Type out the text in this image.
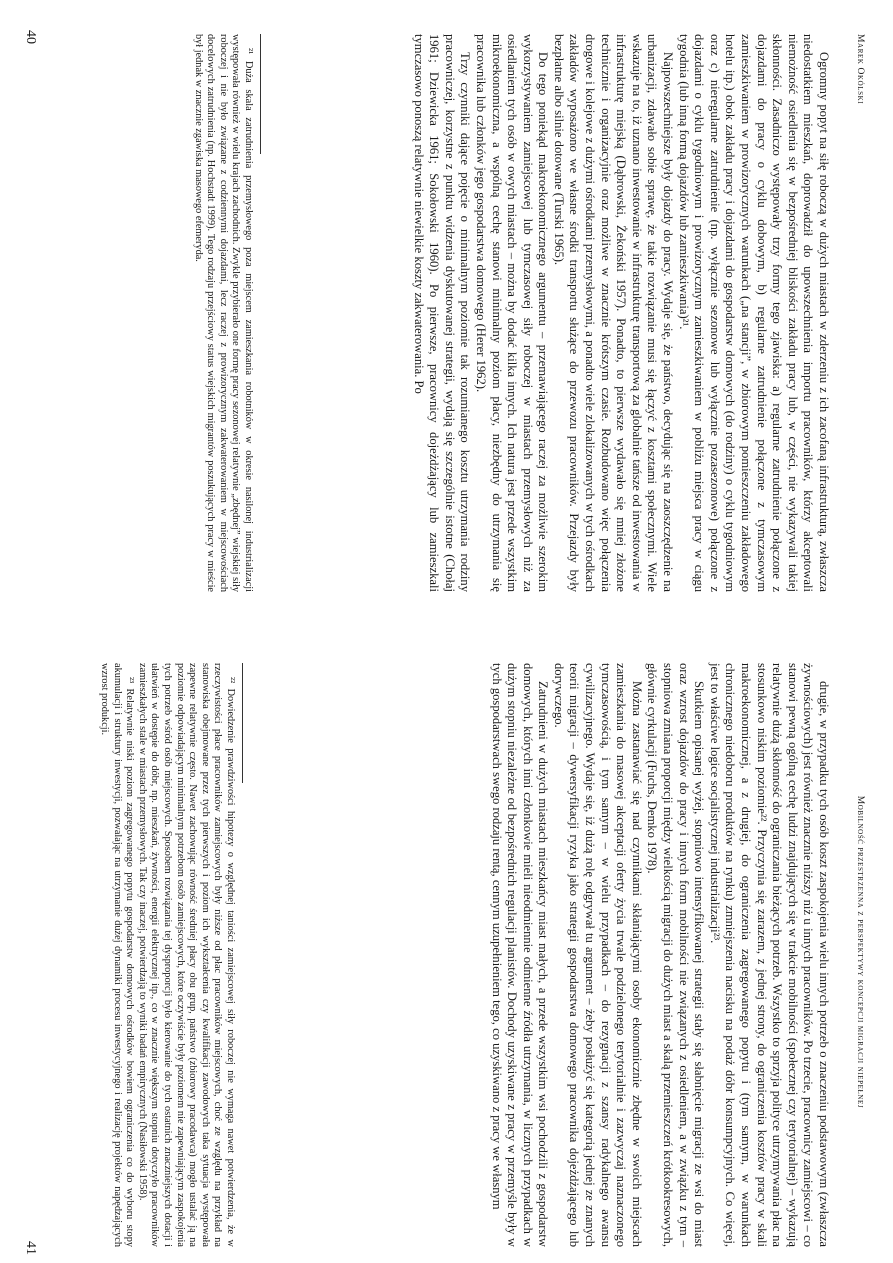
Marek Okólski

Ogromny popyt na siłę roboczą w dużych miastach w zderzeniu z ich zacofaną infrastrukturą, zwłaszcza niedostatkiem mieszkań, doprowadził do upowszechnienia importu pracowników, którzy akceptowali niemożność osiedlenia się w bezpośredniej bliskości zakładu pracy lub, w części, nie wykazywali takiej skłonności. Zasadniczo występowały trzy formy tego zjawiska: a) regularne zatrudnienie połączone z dojazdami do pracy o cyklu dobowym, b) regularne zatrudnienie połączone z tymczasowym zamieszkiwaniem w prowizorycznych warunkach („na stancji”, w zbiorowym pomieszczeniu zakładowego hotelu itp.) obok zakładu pracy i dojazdami do gospodarstw domowych (do rodziny) o cyklu tygodniowym oraz c) nieregularne zatrudnienie (np. wyłącznie sezonowe lub wyłącznie pozasezonowe) połączone z dojazdami o cyklu tygodniowym i prowizorycznym zamieszkiwaniem w pobliżu miejsca pracy w ciągu tygodnia (lub inną formą dojazdów lub zamieszkiwania)²¹.

Najpowszechniejsze były dojazdy do pracy. Wydaje się, że państwo, decydując się na zaoszczędzenie na urbanizacji, zdawało sobie sprawę, że takie rozwiązanie musi się łączyć z kosztami społecznymi. Wiele wskazuje na to, iż uznano inwestowanie w infrastrukturę transportową za globalnie tańsze od inwestowania w infrastrukturę miejską (Dąbrowski, Żekoński 1957). Ponadto, to pierwsze wydawało się mniej złożone technicznie i organizacyjnie oraz możliwe w znacznie krótszym czasie. Rozbudowano więc połączenia drogowe i kolejowe z dużymi ośrodkami przemysłowymi, a ponadto wiele zlokalizowanych w tych ośrodkach zakładów wyposażono we własne środki transportu służące do przewozu pracowników. Przejazdy były bezpłatne albo silnie dotowane (Turski 1965).

Do tego poniekąd makroekonomicznego argumentu – przemawiającego raczej za możliwie szerokim wykorzystywaniem zamiejscowej lub tymczasowej siły roboczej w miastach przemysłowych niż za osiedlaniem tych osób w owych miastach – można by dodać kilka innych. Ich natura jest przede wszystkim mikroekonomiczna, a wspólną cechę stanowi minimalny poziom płacy, niezbędny do utrzymania się pracownika lub członków jego gospodarstwa domowego (Herer 1962).

Trzy czynniki dające pojęcie o minimalnym poziomie tak rozumianego kosztu utrzymania rodziny pracowniczej, korzystne z punktu widzenia dyskutowanej strategii, wydają się szczególnie istotne (Chołaj 1961; Dziewicka 1961; Sokołowski 1960). Po pierwsze, pracownicy dojeżdżający lub zamieszkali tymczasowo ponoszą relatywnie niewielkie koszty zakwaterowania. Po

²¹ Duża skala zatrudnienia przemysłowego poza miejscem zamieszkania robotników w okresie nasilonej industrializacji występowała również w wielu krajach zachodnich. Zwykle przybierało one formę pracy sezonowej relatywnie „zbędnej” wiejskiej siły roboczej i nie było związane z codziennymi dojazdami, lecz raczej z prowizorycznym zakwaterowaniem w miejscowościach docelowych zatrudnienia (np. Hochstadt 1999). Tego rodzaju przejściowy status wiejskich migrantów poszukujących pracy w mieście był jednak w znacznie zgawiska masowego efemeryda.

40
Mobilność przestrzenna z perspektywy koncepcji migracji niepełnej

drugie, w przypadku tych osób koszt zaspokojenia wielu innych potrzeb o znaczeniu podstawowym (zwłaszcza żywnościowych) jest również znacznie niższy niż u innych pracowników. Po trzecie, pracownicy zamiejscowi – co stanowi pewną ogólną cechę ludzi znajdujących się w trakcie mobilności (społecznej czy terytorialnej) – wykazują relatywnie dużą skłonność do ograniczania bieżących potrzeb. Wszystko to sprzyja polityce utrzymywania płac na stosunkowo niskim poziomie²². Przyczynia się zarazem, z jednej strony, do ograniczenia kosztów pracy w skali makroekonomicznej, a z drugiej, do ograniczenia zagregowanego popytu i (tym samym, w warunkach chronicznego niedoboru produktów na rynku) zmniejszenia nacisku na podaż dóbr konsumpcyjnych. Co więcej, jest to właściwe logice socjalistycznej industrializacji²³.

Skutkiem opisanej wyżej, stopniowo intensyfikowanej strategii stały się słabnięcie migracji ze wsi do miast oraz wzrost dojazdów do pracy i innych form mobilności nie związanych z osiedleniem, a w związku z tym – stopniowa zmiana proporcji między wielkością migracji do dużych miast a skalą przemieszczeń krótkookresowych, głównie cyrkulacji (Fuchs, Demko 1978).

Można zastanawiać się nad czynnikami skłaniającymi osoby ekonomicznie zbędne w swoich miejscach zamieszkania do masowej akceptacji oferty życia trwale podzielonego terytorialnie i zazwyczaj naznaczonego tymczasowością, i tym samym – w wielu przypadkach – do rezygnacji z szansy radykalnego awansu cywilizacyjnego. Wydaje się, iż dużą rolę odgrywał tu argument – żeby posłużyć się kategorią jednej ze znanych teorii migracji – dywersyfikacji ryzyka jako strategii gospodarstwa domowego pracownika dojeżdżającego lub dorywczego.

Zatrudnieni w dużych miastach mieszkańcy miast małych, a przede wszystkim wsi pochodzili z gospodarstw domowych, których inni członkowie mieli nieodmiennie odmienne źródła utrzymania, w licznych przypadkach w dużym stopniu niezależne od bezpośrednich regulacji planistów. Dochody uzyskiwane z pracy w przemyśle były w tych gospodarstwach swego rodzaju rentą, cennym uzupełnieniem tego, co uzyskiwano z pracy we własnym

²² Dowiedzenie prawdziwości hipotezy o względnej taniości zamiejscowej siły roboczej nie wymaga nawet potwierdzenia, że w rzeczywistości płace pracowników zamiejscowych były niższe od płac pracowników miejscowych, choć ze względu na przykład na stanowiska obejmowane przez tych pierwszych i poziom ich wykształcenia czy kwalifikacji zawodowych taka sytuacja występowała zapewne relatywnie często. Nawet zachowując równość średniej płacy obu grup, państwo (zbiorowy pracodawca) mogło ustalać ją na poziomie odpowiadającym minimalnym potrzebom osób zamiejscowych, które oczywiście były poziomem nie zapewniającym zaspokojenia tych potrzeb wśród osób miejscowych. Sposobem rozwiązania tej dysproporcji było kierowanie do tych ostatnich znaczniejszych dotacji i ułatwień w dostępie do dóbr, np. mieszkań, żywności, energii elektrycznej itp., co w znacznie większym stopniu dotyczyło pracowników zamieszkałych stale w miastach przemysłowych. Tak czy inaczej, potwierdzają to wyniki badań empirycznych (Nasiłowski 1958).

²³ Relatywnie niski poziom zagregowanego popytu gospodarstw domowych ośrodków bowiem ograniczenia co do wyboru stopy akumulacji i struktury inwestycji, pozwalając na utrzymanie dużej dynamiki procesu inwestycyjnego i realizację projektów napędzających wzrost produkcji.

41
